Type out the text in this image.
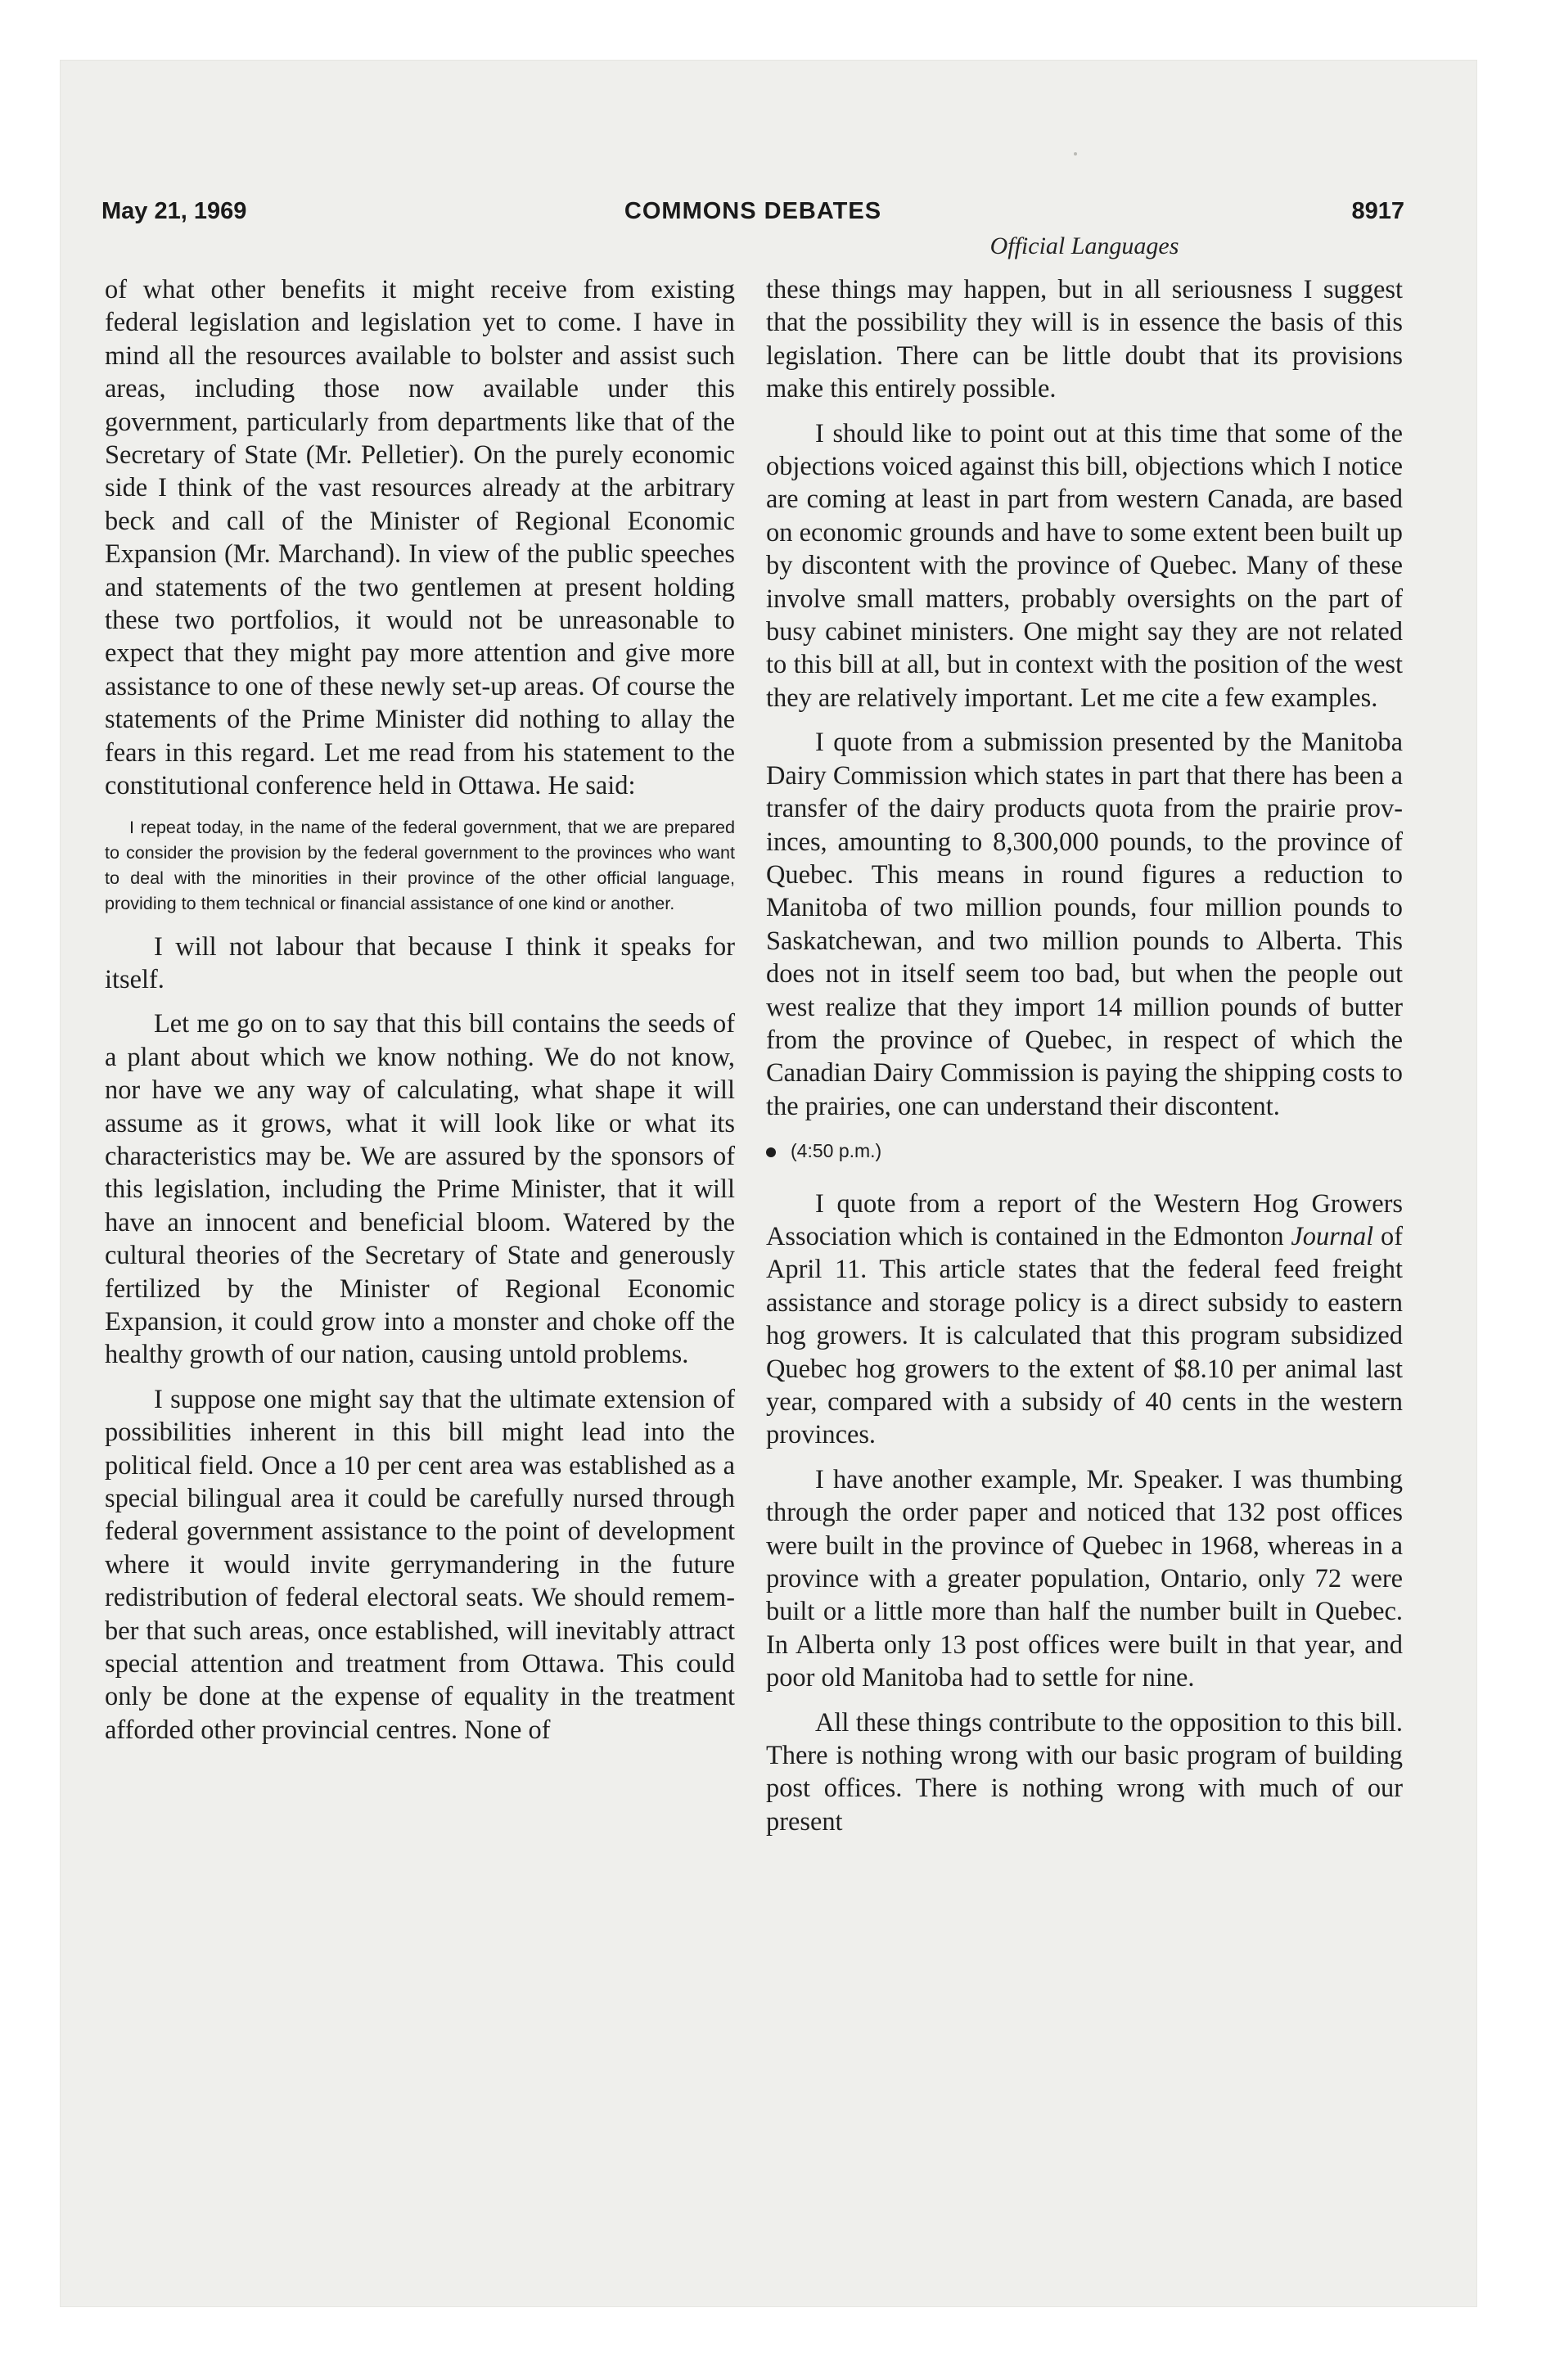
May 21, 1969	COMMONS DEBATES	8917
Official Languages

of what other benefits it might receive from existing federal legislation and legislation yet to come. I have in mind all the resources available to bolster and assist such areas, including those now available under this government, particularly from departments like that of the Secretary of State (Mr. Pelletier). On the purely economic side I think of the vast resources already at the arbitrary beck and call of the Minister of Regional Economic Expansion (Mr. Marchand). In view of the public speeches and statements of the two gentlemen at present holding these two portfolios, it would not be unreasonable to expect that they might pay more attention and give more assistance to one of these newly set-up areas. Of course the statements of the Prime Minister did nothing to allay the fears in this regard. Let me read from his statement to the constitutional conference held in Ottawa. He said:

I repeat today, in the name of the federal government, that we are prepared to consider the provision by the federal government to the provinces who want to deal with the minorities in their province of the other official language, providing to them technical or financial assistance of one kind or another.

I will not labour that because I think it speaks for itself.

Let me go on to say that this bill contains the seeds of a plant about which we know nothing. We do not know, nor have we any way of calculating, what shape it will assume as it grows, what it will look like or what its characteristics may be. We are assured by the sponsors of this legislation, including the Prime Minister, that it will have an innocent and beneficial bloom. Watered by the cultural theories of the Secretary of State and generously fertilized by the Minister of Regional Economic Expansion, it could grow into a monster and choke off the healthy growth of our nation, causing untold problems.

I suppose one might say that the ultimate extension of possibilities inherent in this bill might lead into the political field. Once a 10 per cent area was established as a special bilingual area it could be carefully nursed through federal government assistance to the point of development where it would invite gerrymandering in the future redistribution of federal electoral seats. We should remember that such areas, once established, will inevitably attract special attention and treatment from Ottawa. This could only be done at the expense of equality in the treatment afforded other provincial centres. None of

these things may happen, but in all seriousness I suggest that the possibility they will is in essence the basis of this legislation. There can be little doubt that its provisions make this entirely possible.

I should like to point out at this time that some of the objections voiced against this bill, objections which I notice are coming at least in part from western Canada, are based on economic grounds and have to some extent been built up by discontent with the province of Quebec. Many of these involve small matters, probably oversights on the part of busy cabinet ministers. One might say they are not related to this bill at all, but in context with the position of the west they are relatively important. Let me cite a few examples.

I quote from a submission presented by the Manitoba Dairy Commission which states in part that there has been a transfer of the dairy products quota from the prairie provinces, amounting to 8,300,000 pounds, to the province of Quebec. This means in round figures a reduction to Manitoba of two million pounds, four million pounds to Saskatchewan, and two million pounds to Alberta. This does not in itself seem too bad, but when the people out west realize that they import 14 million pounds of butter from the province of Quebec, in respect of which the Canadian Dairy Commission is paying the shipping costs to the prairies, one can understand their discontent.

(4:50 p.m.)

I quote from a report of the Western Hog Growers Association which is contained in the Edmonton Journal of April 11. This article states that the federal feed freight assistance and storage policy is a direct subsidy to eastern hog growers. It is calculated that this program subsidized Quebec hog growers to the extent of $8.10 per animal last year, compared with a subsidy of 40 cents in the western provinces.

I have another example, Mr. Speaker. I was thumbing through the order paper and noticed that 132 post offices were built in the province of Quebec in 1968, whereas in a province with a greater population, Ontario, only 72 were built or a little more than half the number built in Quebec. In Alberta only 13 post offices were built in that year, and poor old Manitoba had to settle for nine.

All these things contribute to the opposition to this bill. There is nothing wrong with our basic program of building post offices. There is nothing wrong with much of our present
